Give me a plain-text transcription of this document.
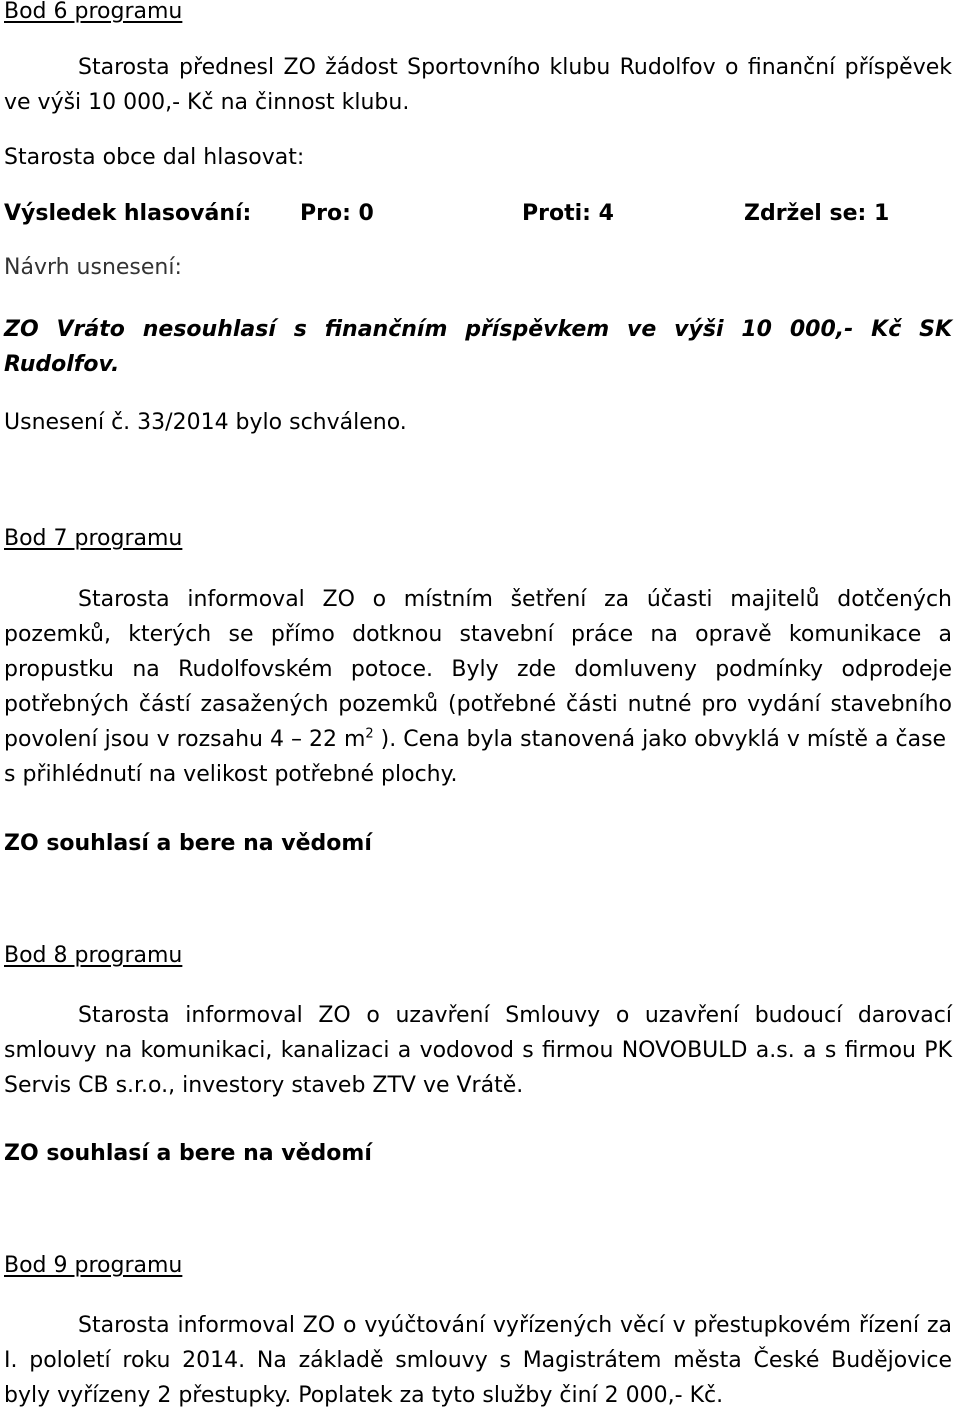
Bod 6 programu
Starosta přednesl ZO žádost Sportovního klubu Rudolfov o finanční příspěvek
ve výši 10 000,- Kč na činnost klubu.
Starosta obce dal hlasovat:
Výsledek hlasování: Pro: 0	Proti: 4	Zdržel se: 1
Návrh usnesení:
ZO Vráto nesouhlasí s finančním příspěvkem ve výši 10 000,- Kč SK
Rudolfov.
Usnesení č. 33/2014 bylo schváleno.
Bod 7 programu
Starosta informoval ZO o místním šetření za účasti majitelů dotčených
pozemků, kterých se přímo dotknou stavební práce na opravě komunikace a
propustku na Rudolfovském potoce. Byly zde domluveny podmínky odprodeje
potřebných částí zasažených pozemků (potřebné části nutné pro vydání stavebního
povolení jsou v rozsahu 4 – 22 $m^2$ ). Cena byla stanovená jako obvyklá v místě a čase
s přihlédnutí na velikost potřebné plochy.
ZO souhlasí a bere na vědomí
Bod 8 programu
Starosta informoval ZO o uzavření Smlouvy o uzavření budoucí darovací
smlouvy na komunikaci, kanalizaci a vodovod s firmou NOVOBULD a.s. a s firmou PK
Servis CB s.r.o., investory staveb ZTV ve Vrátě.
ZO souhlasí a bere na vědomí
Bod 9 programu
Starosta informoval ZO o vyúčtování vyřízených věcí v přestupkovém řízení za
I. pololetí roku 2014. Na základě smlouvy s Magistrátem města České Budějovice
byly vyřízeny 2 přestupky. Poplatek za tyto služby činí 2 000,- Kč.
